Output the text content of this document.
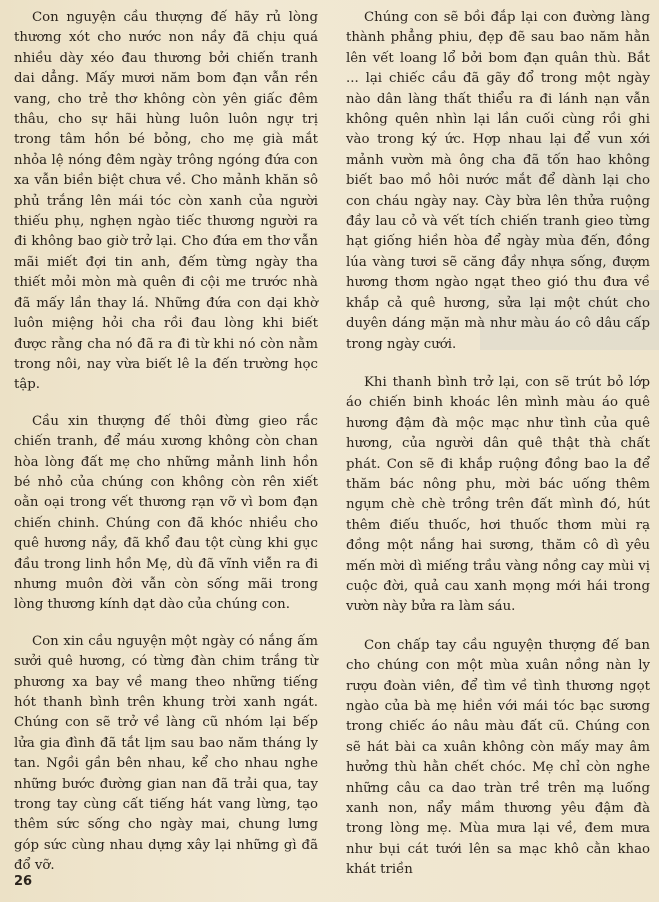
Con nguyện cầu thượng đế hãy rủ lòng thương xót cho nước non nầy đã chịu quá nhiều dày xéo đau thương bởi chiến tranh dai dẳng. Mấy mươi năm bom đạn vẫn rền vang, cho trẻ thơ không còn yên giấc đêm thâu, cho sự hãi hùng luôn luôn ngự trị trong tâm hồn bé bỏng, cho mẹ già mắt nhỏa lệ nóng đêm ngày trông ngóng đứa con xa vẫn biền biệt chưa về. Cho mảnh khăn sô phủ trắng lên mái tóc còn xanh của người thiếu phụ, nghẹn ngào tiếc thương người ra đi không bao giờ trở lại. Cho đứa em thơ vẫn mãi miết đợi tin anh, đếm từng ngày tha thiết mỏi mòn mà quên đi cội me trước nhà đã mấy lần thay lá. Những đứa con dại khờ luôn miệng hỏi cha rồi đau lòng khi biết được rằng cha nó đã ra đi từ khi nó còn nằm trong nôi, nay vừa biết lê la đến trường học tập.

Cầu xin thượng đế thôi đừng gieo rắc chiến tranh, để máu xương không còn chan hòa lòng đất mẹ cho những mảnh linh hồn bé nhỏ của chúng con không còn rên xiết oằn oại trong vết thương rạn vỡ vì bom đạn chiến chinh. Chúng con đã khóc nhiều cho quê hương nầy, đã khổ đau tột cùng khi gục đầu trong linh hồn Mẹ, dù đã vĩnh viễn ra đi nhưng muôn đời vẫn còn sống mãi trong lòng thương kính dạt dào của chúng con.

Con xin cầu nguyện một ngày có nắng ấm sưởi quê hương, có từng đàn chim trắng từ phương xa bay về mang theo những tiếng hót thanh bình trên khung trời xanh ngát. Chúng con sẽ trở về làng cũ nhóm lại bếp lửa gia đình đã tắt lịm sau bao năm tháng ly tan. Ngồi gần bên nhau, kể cho nhau nghe những bước đường gian nan đã trải qua, tay trong tay cùng cất tiếng hát vang lừng, tạo thêm sức sống cho ngày mai, chung lưng góp sức cùng nhau dựng xây lại những gì đã đổ vỡ.

Chúng con sẽ bồi đắp lại con đường làng thành phẳng phiu, đẹp đẽ sau bao năm hằn lên vết loang lổ bởi bom đạn quân thù. Bắt ... lại chiếc cầu đã gãy đổ trong một ngày nào dân làng thất thiểu ra đi lánh nạn vẫn không quên nhìn lại lần cuối cùng rồi ghi vào trong ký ức. Hợp nhau lại để vun xới mảnh vườn mà ông cha đã tốn hao không biết bao mồ hôi nước mắt để dành lại cho con cháu ngày nay. Cày bừa lên thửa ruộng đầy lau cỏ và vết tích chiến tranh gieo từng hạt giống hiền hòa để ngày mùa đến, đồng lúa vàng tươi sẽ căng đầy nhựa sống, đượm hương thơm ngào ngạt theo gió thu đưa về khắp cả quê hương, sửa lại một chút cho duyên dáng mặn mà như màu áo cô dâu cấp trong ngày cưới.

Khi thanh bình trở lại, con sẽ trút bỏ lớp áo chiến binh khoác lên mình màu áo quê hương đậm đà mộc mạc như tình của quê hương, của người dân quê thật thà chất phát. Con sẽ đi khắp ruộng đồng bao la để thăm bác nông phu, mời bác uống thêm ngụm chè chè trồng trên đất mình đó, hút thêm điếu thuốc, hơi thuốc thơm mùi rạ đồng một nắng hai sương, thăm cô dì yêu mến mời dì miếng trầu vàng nồng cay mùi vị cuộc đời, quả cau xanh mọng mới hái trong vườn này bửa ra làm sáu.

Con chấp tay cầu nguyện thượng đế ban cho chúng con một mùa xuân nồng nàn ly rượu đoàn viên, để tìm về tình thương ngọt ngào của bà mẹ hiền với mái tóc bạc sương trong chiếc áo nâu màu đất cũ. Chúng con sẽ hát bài ca xuân không còn mấy may âm hưởng thù hằn chết chóc. Mẹ chỉ còn nghe những câu ca dao tràn trề trên mạ luống xanh non, nẩy mầm thương yêu đậm đà trong lòng mẹ. Mùa mưa lại về, đem mưa như bụi cát tưới lên sa mạc khô cằn khao khát triền

26
